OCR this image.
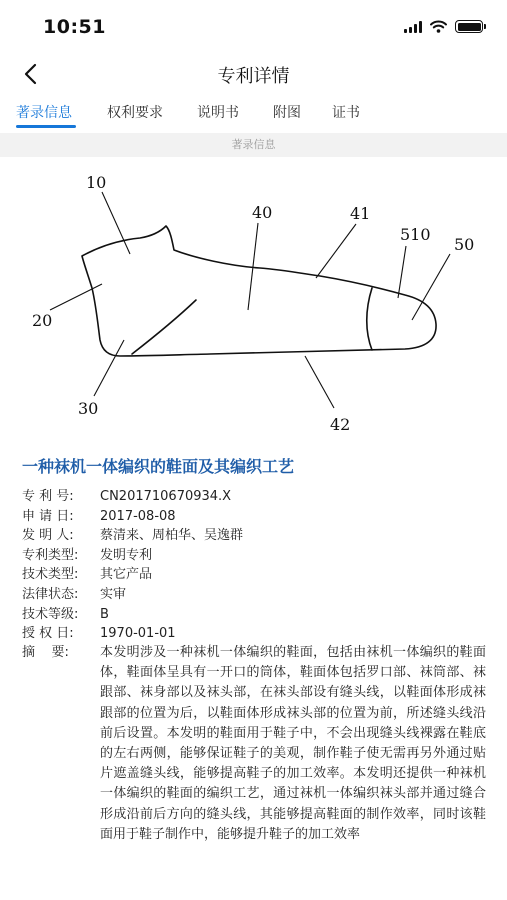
10:51
专利详情
著录信息	权利要求 说明书 附图 证书
著录信息
10
20
30
40	41
42
510
50
一种袜机一体编织的鞋面及其编织工艺
专 利 号:	CN201710670934.X
申 请 日:	2017-08-08
发 明 人:	蔡清来、周柏华、吴逸群
专利类型:	发明专利
技术类型:	其它产品
法律状态:	实审
技术等级:	B
授 权 日:	1970-01-01
摘    要: 本发明涉及一种袜机一体编织的鞋面，包括由袜机一体编织的鞋面体，鞋面体呈具有一开口的筒体，鞋面体包括罗口部、袜筒部、袜跟部、袜身部以及袜头部，在袜头部设有缝头线，以鞋面体形成袜跟部的位置为后，以鞋面体形成袜头部的位置为前，所述缝头线沿前后设置。本发明的鞋面用于鞋子中，不会出现缝头线裸露在鞋底的左右两侧，能够保证鞋子的美观，制作鞋子使无需再另外通过贴片遮盖缝头线，能够提高鞋子的加工效率。本发明还提供一种袜机一体编织的鞋面的编织工艺，通过袜机一体编织袜头部并通过缝合形成沿前后方向的缝头线，其能够提高鞋面的制作效率，同时该鞋面用于鞋子制作中，能够提升鞋子的加工效率
